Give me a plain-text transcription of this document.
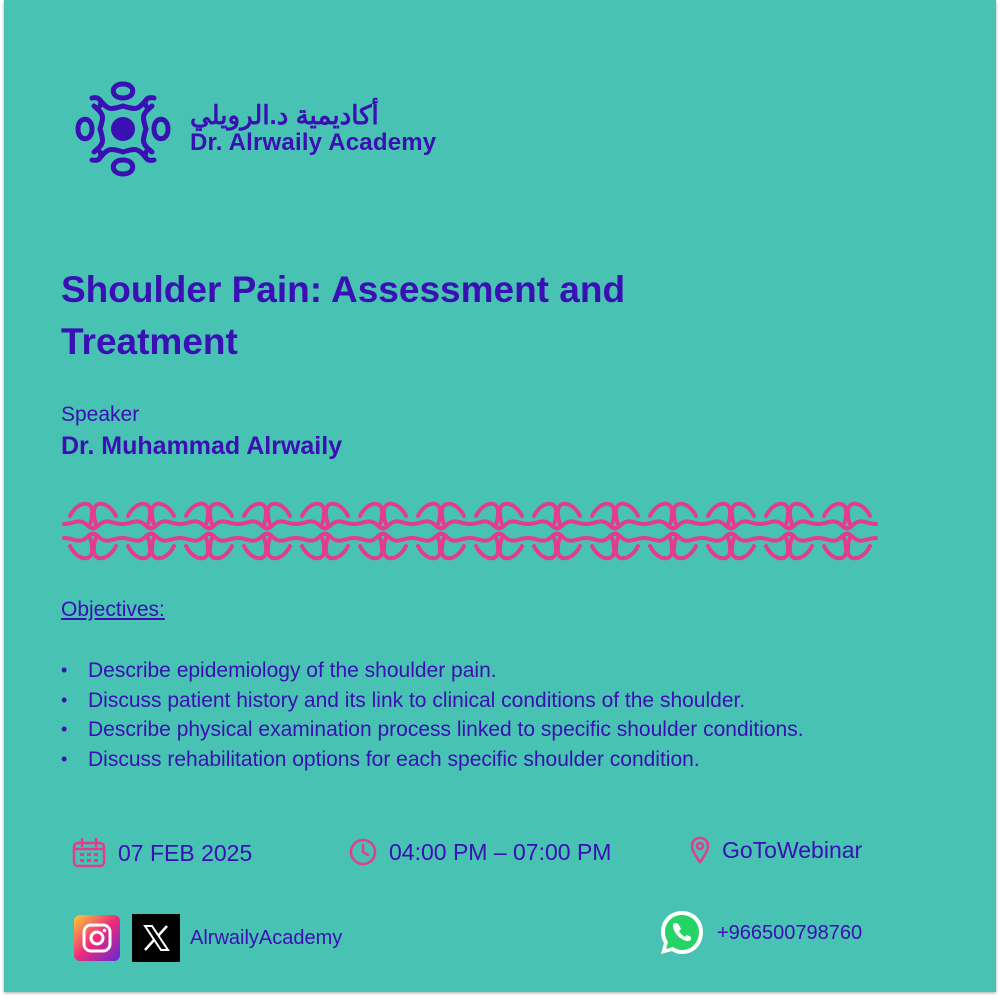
أكاديمية د.الرويلي
Dr. Alrwaily Academy
Shoulder Pain: Assessment and Treatment
Speaker
Dr. Muhammad Alrwaily
Objectives:
• Describe epidemiology of the shoulder pain.
• Discuss patient history and its link to clinical conditions of the shoulder.
• Describe physical examination process linked to specific shoulder conditions.
• Discuss rehabilitation options for each specific shoulder condition.
07 FEB 2025	04:00 PM – 07:00 PM	GoToWebinar
AlrwailyAcademy	+966500798760
